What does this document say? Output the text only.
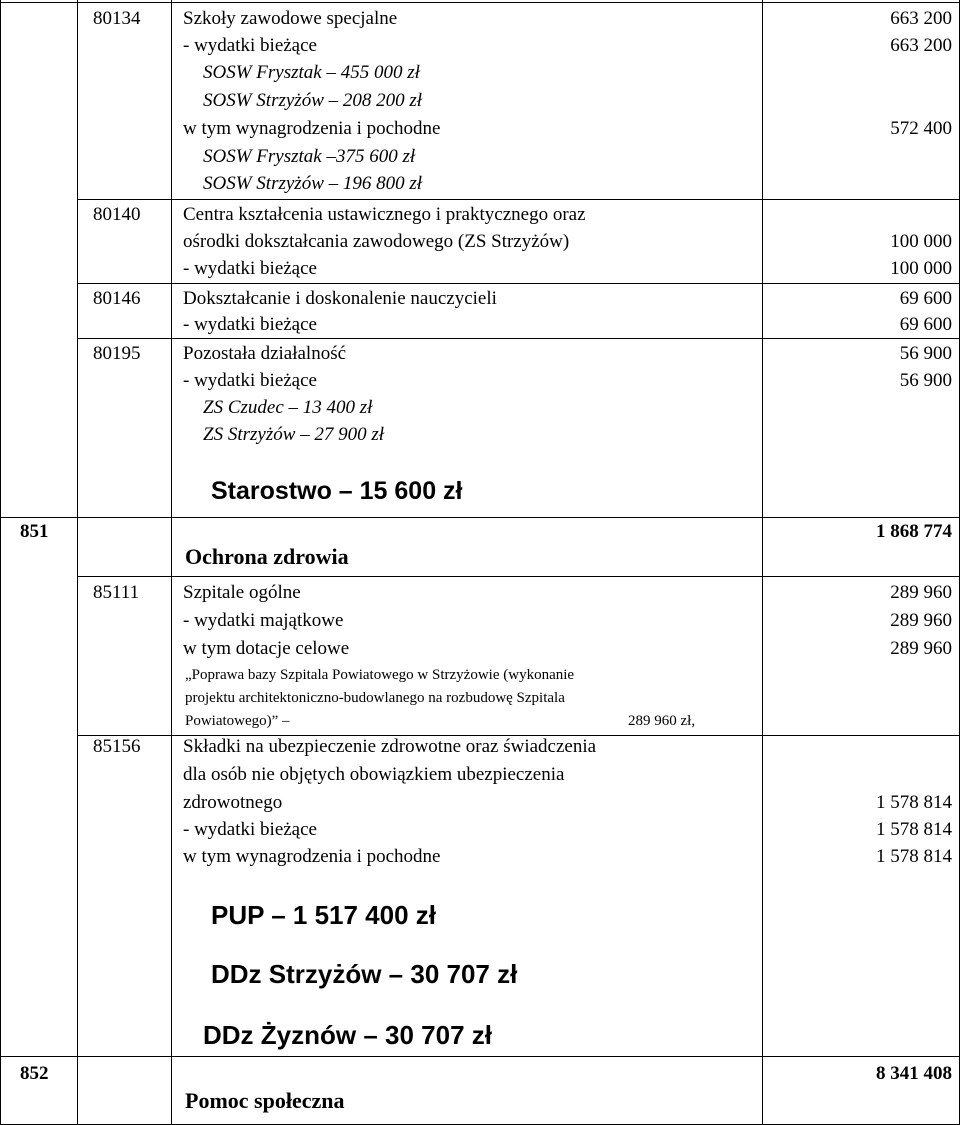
80134 Szkoły zawodowe specjalne
- wydatki bieżące
SOSW Frysztak – 455 000 zł
SOSW Strzyżów – 208 200 zł
w tym wynagrodzenia i pochodne
SOSW Frysztak –375 600 zł
SOSW Strzyżów – 196 800 zł
663 200
663 200
572 400
80140 Centra kształcenia ustawicznego i praktycznego oraz
ośrodki dokształcania zawodowego (ZS Strzyżów)
- wydatki bieżące
100 000
100 000
80146 Dokształcanie i doskonalenie nauczycieli
- wydatki bieżące
69 600
69 600
80195 Pozostała działalność
- wydatki bieżące
ZS Czudec – 13 400 zł
ZS Strzyżów – 27 900 zł
Starostwo – 15 600 zł
56 900
56 900
851
Ochrona zdrowia
1 868 774
85111 Szpitale ogólne
- wydatki majątkowe
w tym dotacje celowe
„Poprawa bazy Szpitala Powiatowego w Strzyżowie (wykonanie
projektu architektoniczno-budowlanego na rozbudowę Szpitala
Powiatowego)” –	289 960 zł,
289 960
289 960
289 960
85156 Składki na ubezpieczenie zdrowotne oraz świadczenia
dla osób nie objętych obowiązkiem ubezpieczenia
zdrowotnego
- wydatki bieżące
w tym wynagrodzenia i pochodne
1 578 814
1 578 814
1 578 814
PUP – 1 517 400 zł
DDz Strzyżów – 30 707 zł
DDz Żyznów – 30 707 zł
852
Pomoc społeczna
8 341 408
